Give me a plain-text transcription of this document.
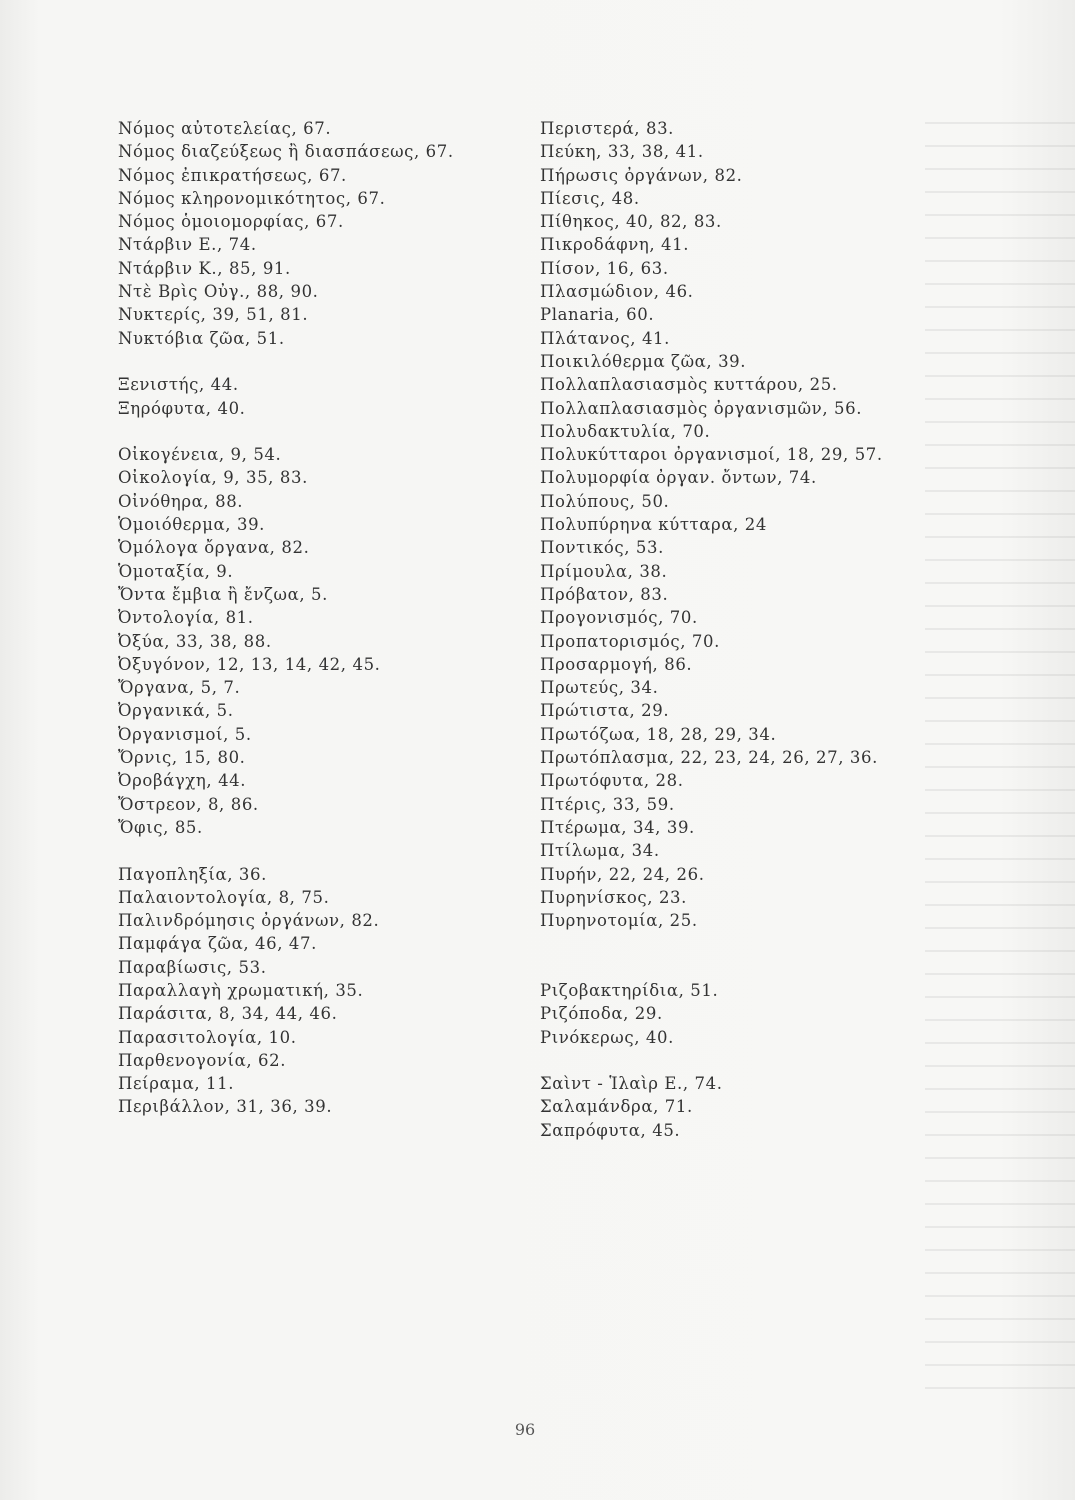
Νόμος αὐτοτελείας, 67.
Νόμος διαζεύξεως ἢ διασπάσεως, 67.
Νόμος ἐπικρατήσεως, 67.
Νόμος κληρονομικότητος, 67.
Νόμος ὁμοιομορφίας, 67.
Ντάρβιν Ε., 74.
Ντάρβιν Κ., 85, 91.
Ντὲ Βρὶς Οὐγ., 88, 90.
Νυκτερίς, 39, 51, 81.
Νυκτόβια ζῶα, 51.
Ξενιστής, 44.
Ξηρόφυτα, 40.
Οἰκογένεια, 9, 54.
Οἰκολογία, 9, 35, 83.
Οἰνόθηρα, 88.
Ὁμοιόθερμα, 39.
Ὁμόλογα ὄργανα, 82.
Ὁμοταξία, 9.
Ὄντα ἔμβια ἢ ἔνζωα, 5.
Ὀντολογία, 81.
Ὀξύα, 33, 38, 88.
Ὀξυγόνον, 12, 13, 14, 42, 45.
Ὄργανα, 5, 7.
Ὀργανικά, 5.
Ὀργανισμοί, 5.
Ὄρνις, 15, 80.
Ὀροβάγχη, 44.
Ὄστρεον, 8, 86.
Ὄφις, 85.
Παγοπληξία, 36.
Παλαιοντολογία, 8, 75.
Παλινδρόμησις ὀργάνων, 82.
Παμφάγα ζῶα, 46, 47.
Παραβίωσις, 53.
Παραλλαγὴ χρωματική, 35.
Παράσιτα, 8, 34, 44, 46.
Παρασιτολογία, 10.
Παρθενογονία, 62.
Πείραμα, 11.
Περιβάλλον, 31, 36, 39.
Περιστερά, 83.
Πεύκη, 33, 38, 41.
Πήρωσις ὀργάνων, 82.
Πίεσις, 48.
Πίθηκος, 40, 82, 83.
Πικροδάφνη, 41.
Πίσον, 16, 63.
Πλασμώδιον, 46.
Planaria, 60.
Πλάτανος, 41.
Ποικιλόθερμα ζῶα, 39.
Πολλαπλασιασμὸς κυττάρου, 25.
Πολλαπλασιασμὸς ὀργανισμῶν, 56.
Πολυδακτυλία, 70.
Πολυκύτταροι ὀργανισμοί, 18, 29, 57.
Πολυμορφία ὀργαν. ὄντων, 74.
Πολύπους, 50.
Πολυπύρηνα κύτταρα, 24
Ποντικός, 53.
Πρίμουλα, 38.
Πρόβατον, 83.
Προγονισμός, 70.
Προπατορισμός, 70.
Προσαρμογή, 86.
Πρωτεύς, 34.
Πρώτιστα, 29.
Πρωτόζωα, 18, 28, 29, 34.
Πρωτόπλασμα, 22, 23, 24, 26, 27, 36.
Πρωτόφυτα, 28.
Πτέρις, 33, 59.
Πτέρωμα, 34, 39.
Πτίλωμα, 34.
Πυρήν, 22, 24, 26.
Πυρηνίσκος, 23.
Πυρηνοτομία, 25.
Ριζοβακτηρίδια, 51.
Ριζόποδα, 29.
Ρινόκερως, 40.
Σαὶντ - Ἱλαὶρ Ε., 74.
Σαλαμάνδρα, 71.
Σαπρόφυτα, 45.
96
